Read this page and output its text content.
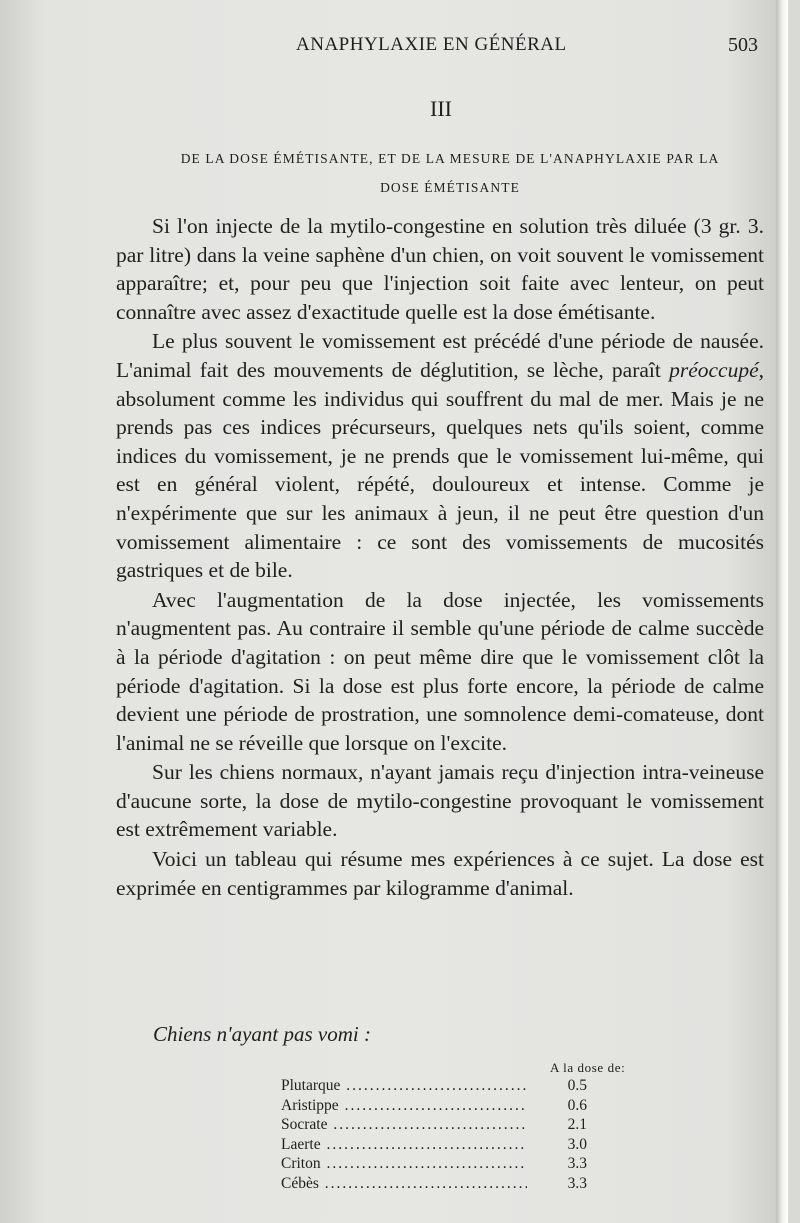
ANAPHYLAXIE EN GÉNÉRAL	503
III
DE LA DOSE ÉMÉTISANTE, ET DE LA MESURE DE L'ANAPHYLAXIE PAR LA
DOSE ÉMÉTISANTE

Si l'on injecte de la mytilo-congestine en solution très diluée (3 gr. 3. par litre) dans la veine saphène d'un chien, on voit souvent le vomissement apparaître; et, pour peu que l'injection soit faite avec lenteur, on peut connaître avec assez d'exactitude quelle est la dose émétisante.

Le plus souvent le vomissement est précédé d'une période de nausée. L'animal fait des mouvements de déglutition, se lèche, paraît préoccupé, absolument comme les individus qui souffrent du mal de mer. Mais je ne prends pas ces indices précurseurs, quelques nets qu'ils soient, comme indices du vomissement, je ne prends que le vomissement lui-même, qui est en général violent, répété, douloureux et intense. Comme je n'expérimente que sur les animaux à jeun, il ne peut être question d'un vomissement alimentaire : ce sont des vomissements de mucosités gastriques et de bile.

Avec l'augmentation de la dose injectée, les vomissements n'augmentent pas. Au contraire il semble qu'une période de calme succède à la période d'agitation : on peut même dire que le vomissement clôt la période d'agitation. Si la dose est plus forte encore, la période de calme devient une période de prostration, une somnolence demi-comateuse, dont l'animal ne se réveille que lorsque on l'excite.

Sur les chiens normaux, n'ayant jamais reçu d'injection intra-veineuse d'aucune sorte, la dose de mytilo-congestine provoquant le vomissement est extrêmement variable.

Voici un tableau qui résume mes expériences à ce sujet. La dose est exprimée en centigrammes par kilogramme d'animal.

Chiens n'ayant pas vomi :
A la dose de:
Plutarque .....	0.5
Aristippe .....	0.6
Socrate .....	2.1
Laerte .....	3.0
Criton .....	3.3
Cébès .....	3.3
